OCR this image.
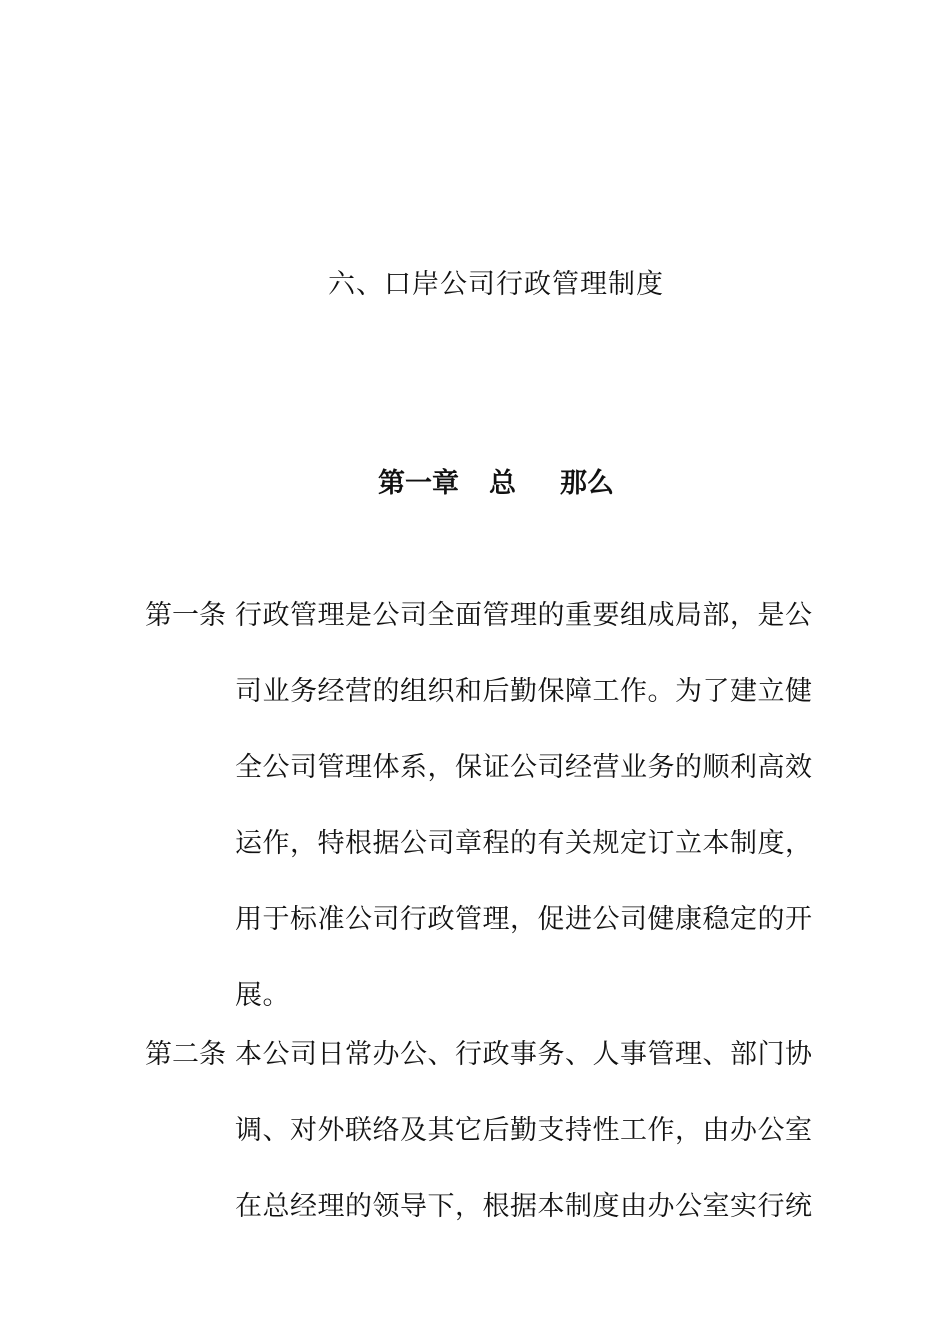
六、口岸公司行政管理制度
第一章 总 那么
第一条 行政管理是公司全面管理的重要组成局部，是公
司业务经营的组织和后勤保障工作。为了建立健
全公司管理体系，保证公司经营业务的顺利高效
运作，特根据公司章程的有关规定订立本制度，
用于标准公司行政管理，促进公司健康稳定的开
展。
第二条 本公司日常办公、行政事务、人事管理、部门协
调、对外联络及其它后勤支持性工作，由办公室
在总经理的领导下，根据本制度由办公室实行统
